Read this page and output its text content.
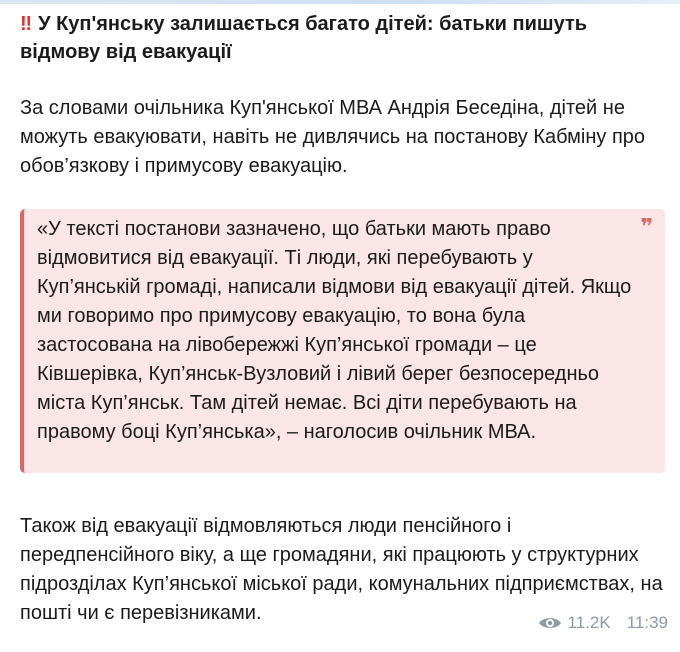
‼ У Куп'янську залишається багато дітей: батьки пишуть відмову від евакуації
За словами очільника Куп'янської МВА Андрія Беседіна, дітей не можуть евакуювати, навіть не дивлячись на постанову Кабміну про обов’язкову і примусову евакуацію.
«У тексті постанови зазначено, що батьки мають право відмовитися від евакуації. Ті люди, які перебувають у Куп’янській громаді, написали відмови від евакуації дітей. Якщо ми говоримо про примусову евакуацію, то вона була застосована на лівобережжі Куп’янської громади – це Ківшерівка, Куп’янськ-Вузловий і лівий берег безпосередньо міста Куп’янськ. Там дітей немає. Всі діти перебувають на правому боці Куп’янська», – наголосив очільник МВА.
❞
Також від евакуації відмовляються люди пенсійного і передпенсійного віку, а ще громадяни, які працюють у структурних підрозділах Куп’янської міської ради, комунальних підприємствах, на пошті чи є перевізниками.	11.2K 11:39
